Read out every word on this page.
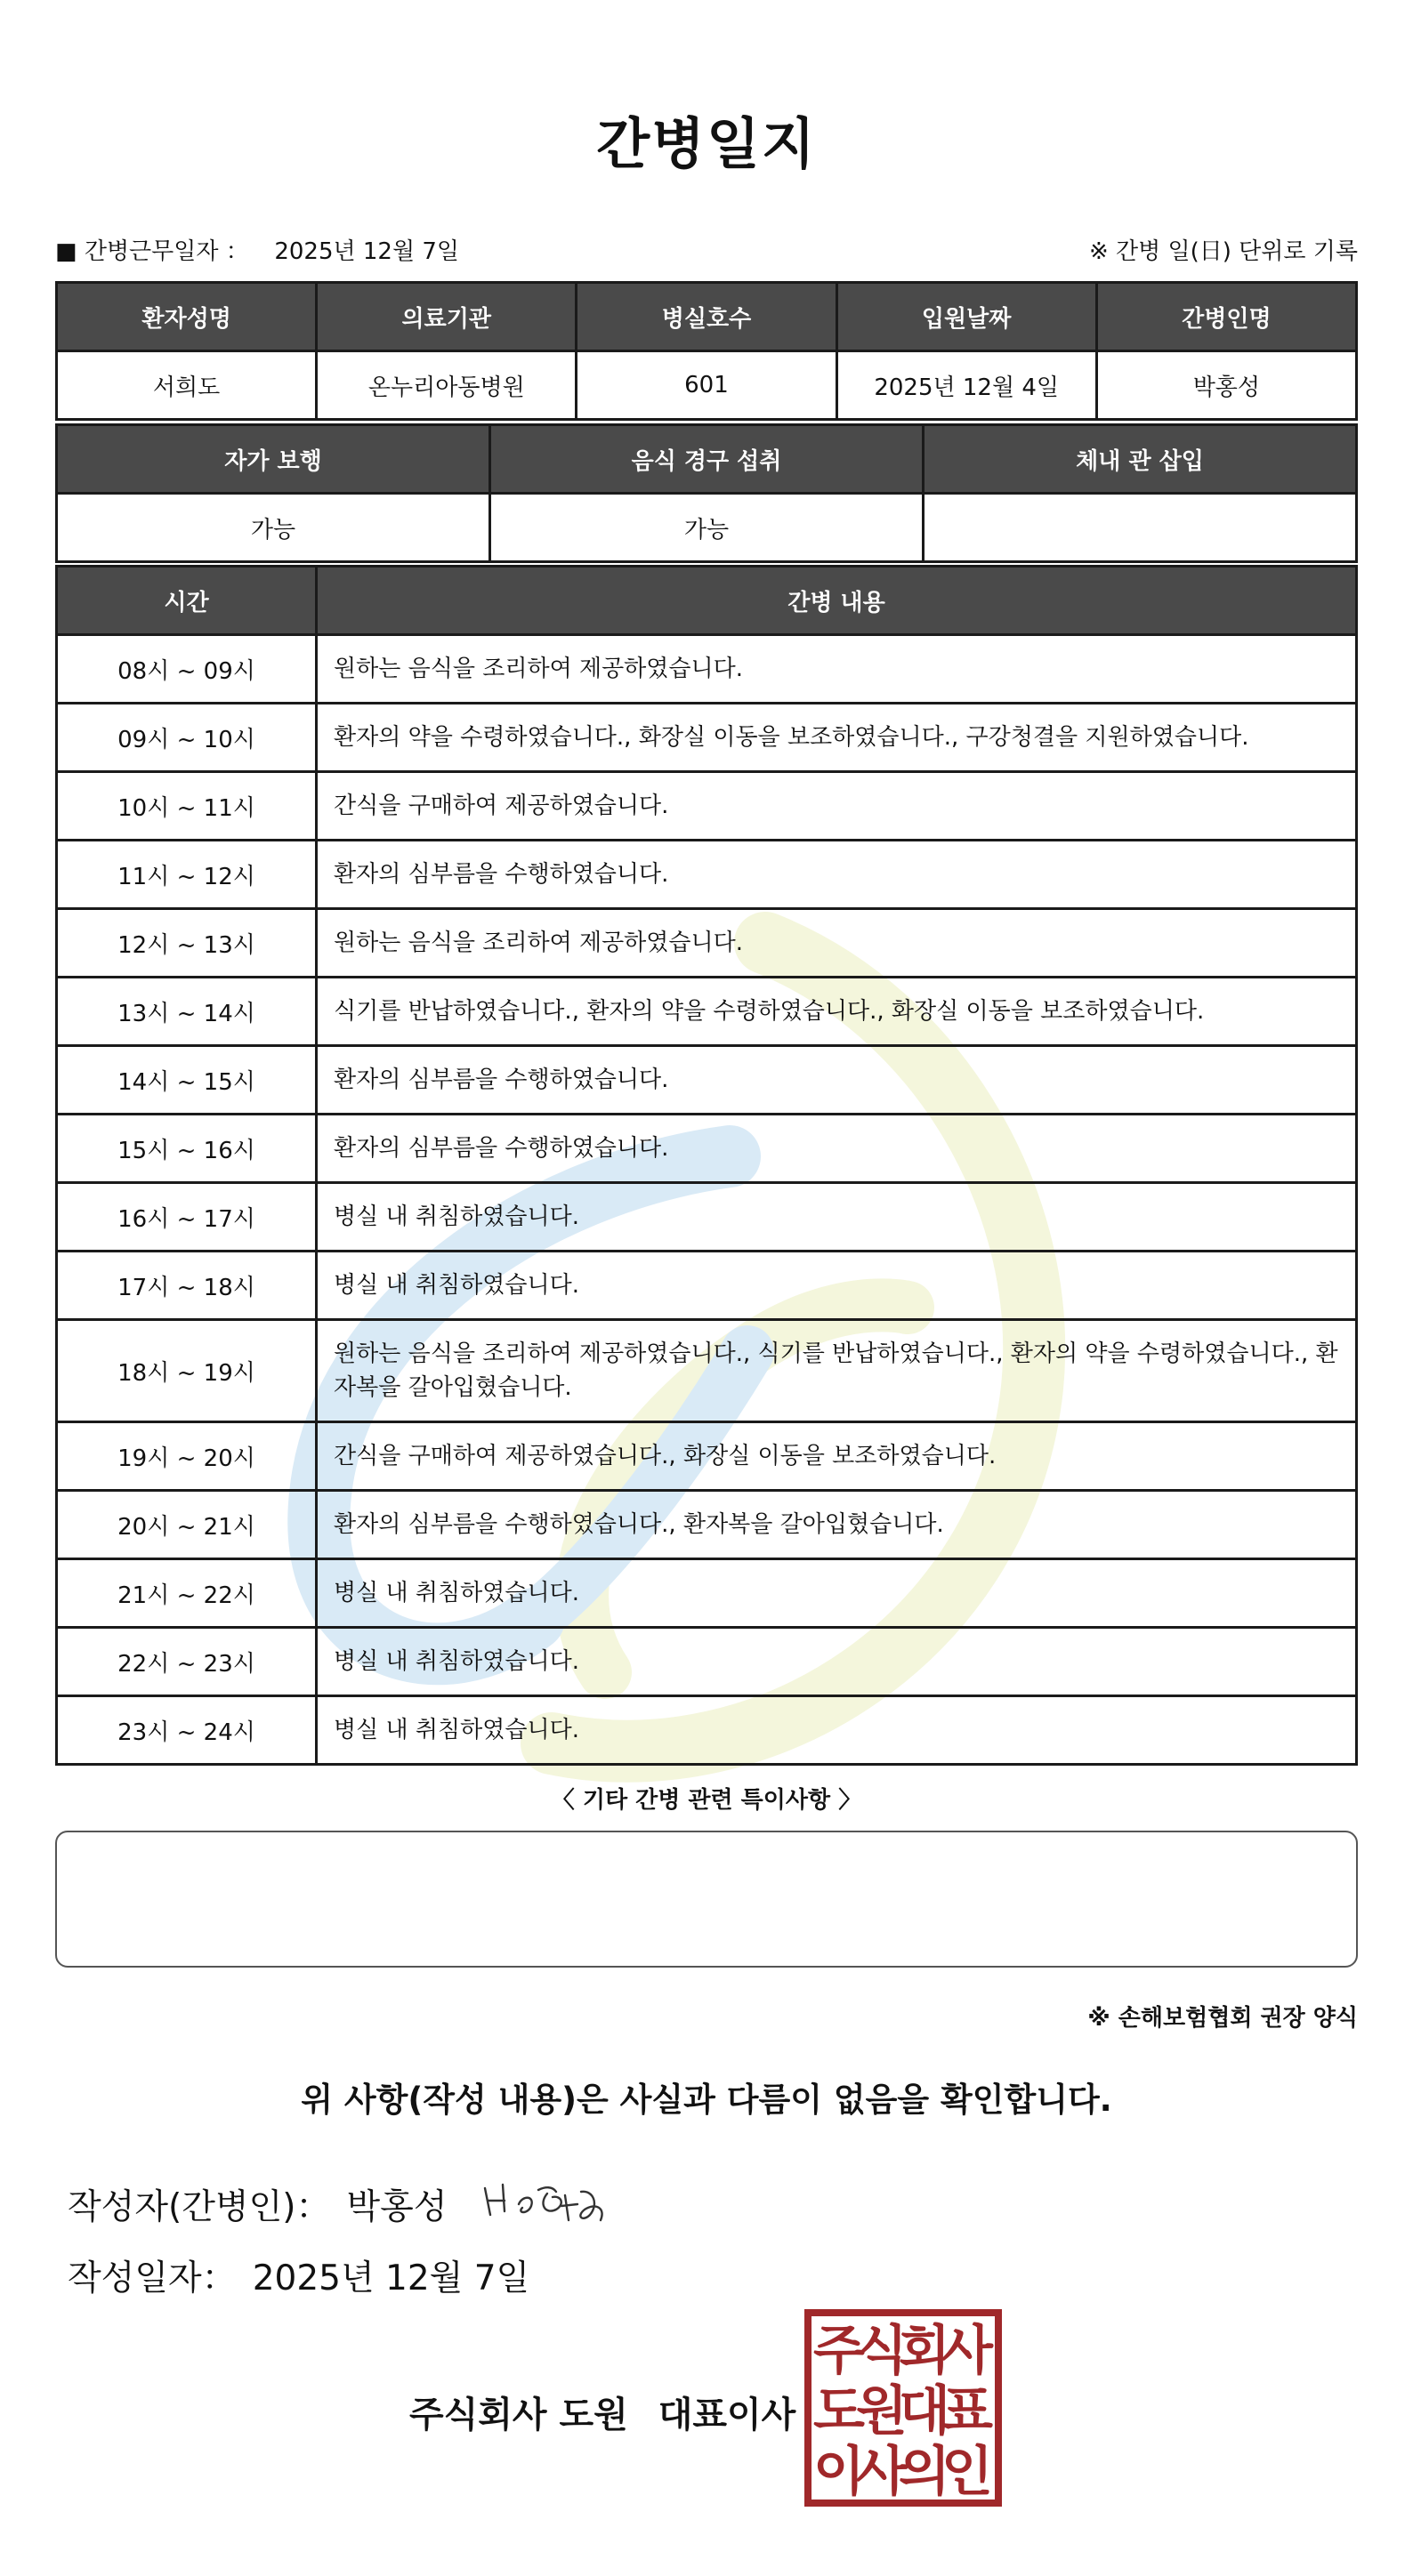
간병일지
■ 간병근무일자 ： 2025년 12월 7일	※ 간병 일(日) 단위로 기록
환자성명	의료기관	병실호수	입원날짜	간병인명
서희도	온누리아동병원	601	2025년 12월 4일	박홍성
자가 보행	음식 경구 섭취	체내 관 삽입
가능	가능	
시간	간병 내용
08시 ~ 09시	원하는 음식을 조리하여 제공하였습니다.
09시 ~ 10시	환자의 약을 수령하였습니다., 화장실 이동을 보조하였습니다., 구강청결을 지원하였습니다.
10시 ~ 11시	간식을 구매하여 제공하였습니다.
11시 ~ 12시	환자의 심부름을 수행하였습니다.
12시 ~ 13시	원하는 음식을 조리하여 제공하였습니다.
13시 ~ 14시	식기를 반납하였습니다., 환자의 약을 수령하였습니다., 화장실 이동을 보조하였습니다.
14시 ~ 15시	환자의 심부름을 수행하였습니다.
15시 ~ 16시	환자의 심부름을 수행하였습니다.
16시 ~ 17시	병실 내 취침하였습니다.
17시 ~ 18시	병실 내 취침하였습니다.
18시 ~ 19시	원하는 음식을 조리하여 제공하였습니다., 식기를 반납하였습니다., 환자의 약을 수령하였습니다., 환자복을 갈아입혔습니다.
19시 ~ 20시	간식을 구매하여 제공하였습니다., 화장실 이동을 보조하였습니다.
20시 ~ 21시	환자의 심부름을 수행하였습니다., 환자복을 갈아입혔습니다.
21시 ~ 22시	병실 내 취침하였습니다.
22시 ~ 23시	병실 내 취침하였습니다.
23시 ~ 24시	병실 내 취침하였습니다.
〈 기타 간병 관련 특이사항 〉
※ 손해보험협회 권장 양식
위 사항(작성 내용)은 사실과 다름이 없음을 확인합니다.
작성자(간병인)： 박홍성
작성일자： 2025년 12월 7일
주식회사 도원 대표이사
주
식
회
사
도
원
대
표
이
사
의
인
